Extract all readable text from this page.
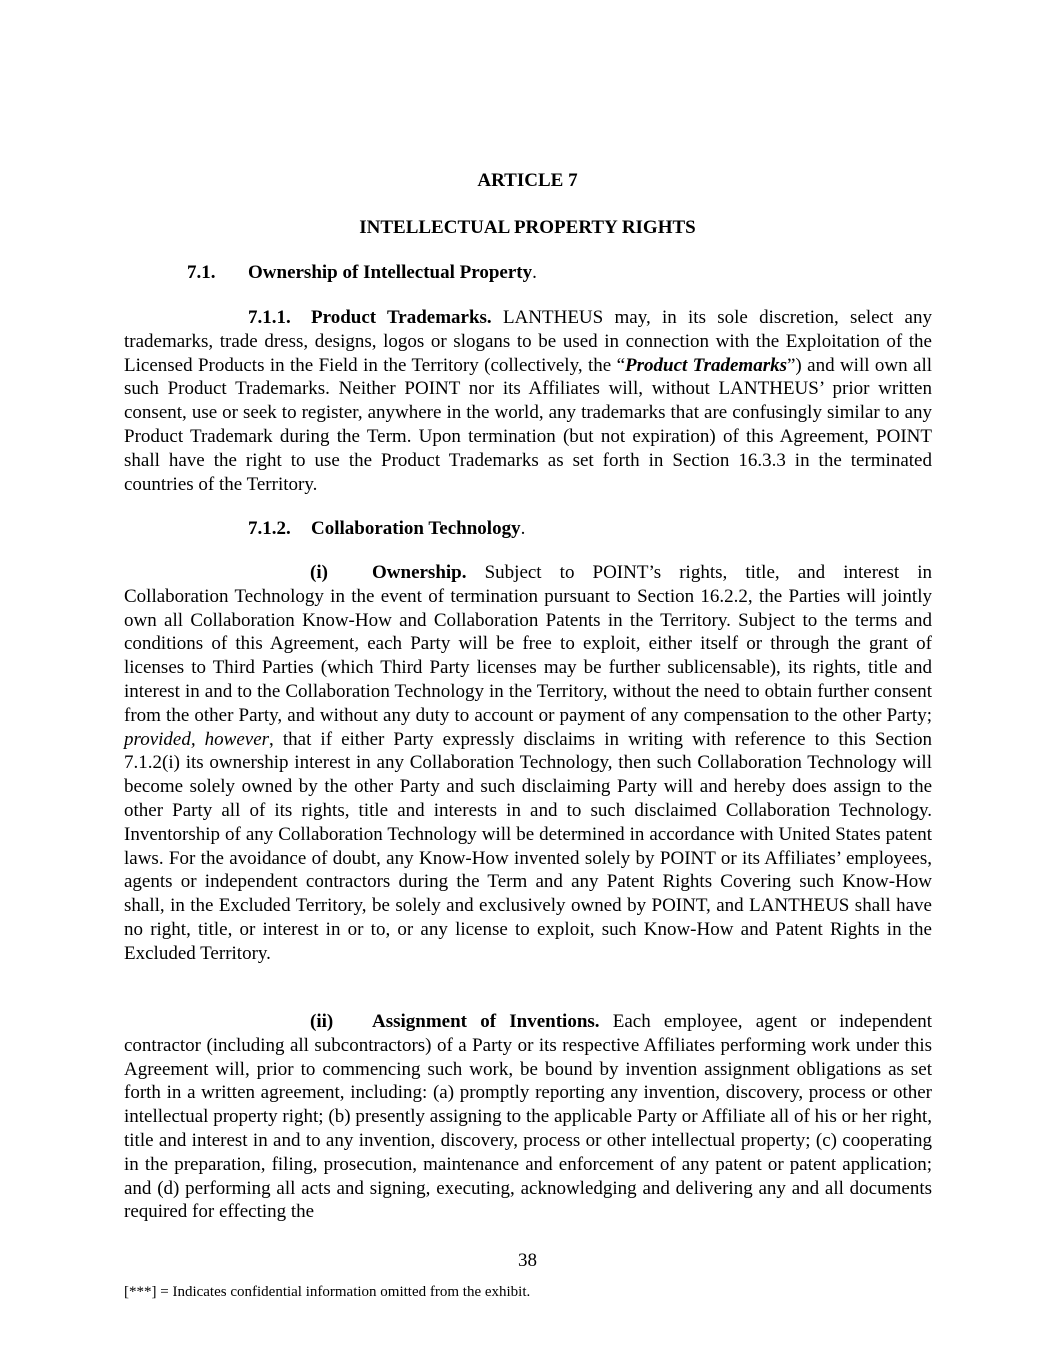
ARTICLE 7
INTELLECTUAL PROPERTY RIGHTS

7.1. Ownership of Intellectual Property.

7.1.1. Product Trademarks. LANTHEUS may, in its sole discretion, select any trademarks, trade dress, designs, logos or slogans to be used in connection with the Exploitation of the Licensed Products in the Field in the Territory (collectively, the “Product Trademarks”) and will own all such Product Trademarks. Neither POINT nor its Affiliates will, without LANTHEUS’ prior written consent, use or seek to register, anywhere in the world, any trademarks that are confusingly similar to any Product Trademark during the Term. Upon termination (but not expiration) of this Agreement, POINT shall have the right to use the Product Trademarks as set forth in Section 16.3.3 in the terminated countries of the Territory.

7.1.2. Collaboration Technology.

(i) Ownership. Subject to POINT’s rights, title, and interest in Collaboration Technology in the event of termination pursuant to Section 16.2.2, the Parties will jointly own all Collaboration Know-How and Collaboration Patents in the Territory. Subject to the terms and conditions of this Agreement, each Party will be free to exploit, either itself or through the grant of licenses to Third Parties (which Third Party licenses may be further sublicensable), its rights, title and interest in and to the Collaboration Technology in the Territory, without the need to obtain further consent from the other Party, and without any duty to account or payment of any compensation to the other Party; provided, however, that if either Party expressly disclaims in writing with reference to this Section 7.1.2(i) its ownership interest in any Collaboration Technology, then such Collaboration Technology will become solely owned by the other Party and such disclaiming Party will and hereby does assign to the other Party all of its rights, title and interests in and to such disclaimed Collaboration Technology. Inventorship of any Collaboration Technology will be determined in accordance with United States patent laws. For the avoidance of doubt, any Know-How invented solely by POINT or its Affiliates’ employees, agents or independent contractors during the Term and any Patent Rights Covering such Know-How shall, in the Excluded Territory, be solely and exclusively owned by POINT, and LANTHEUS shall have no right, title, or interest in or to, or any license to exploit, such Know-How and Patent Rights in the Excluded Territory.

(ii) Assignment of Inventions. Each employee, agent or independent contractor (including all subcontractors) of a Party or its respective Affiliates performing work under this Agreement will, prior to commencing such work, be bound by invention assignment obligations as set forth in a written agreement, including: (a) promptly reporting any invention, discovery, process or other intellectual property right; (b) presently assigning to the applicable Party or Affiliate all of his or her right, title and interest in and to any invention, discovery, process or other intellectual property; (c) cooperating in the preparation, filing, prosecution, maintenance and enforcement of any patent or patent application; and (d) performing all acts and signing, executing, acknowledging and delivering any and all documents required for effecting the

38
[***] = Indicates confidential information omitted from the exhibit.
